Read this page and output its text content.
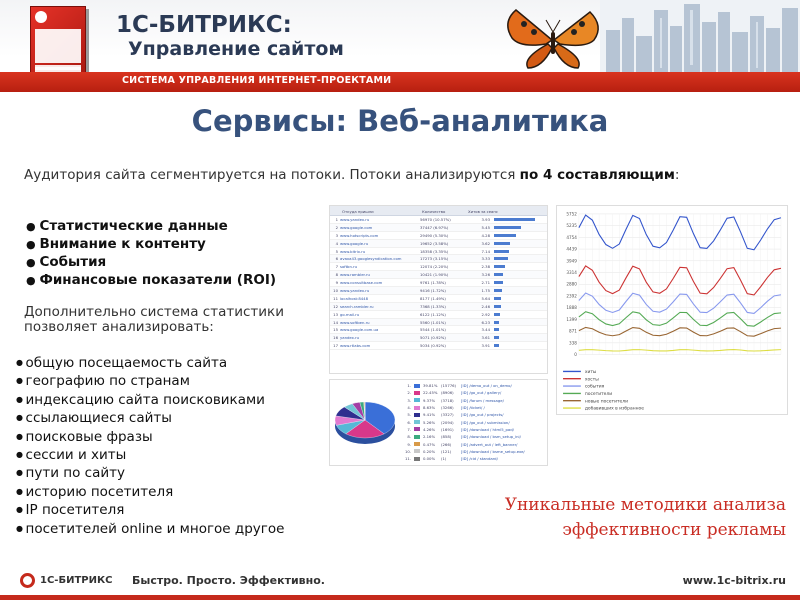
1С-БИТРИКС:
Управление сайтом
СИСТЕМА УПРАВЛЕНИЯ ИНТЕРНЕТ-ПРОЕКТАМИ
Сервисы: Веб-аналитика
Аудитория сайта сегментируется на потоки. Потоки анализируются по 4 составляющим:
● Статистические данные
● Внимание к контенту
● События
● Финансовые показатели (ROI)
Дополнительно система статистики позволяет анализировать:
● общую посещаемость сайта
● географию по странам
● индексацию сайта поисковиками
● ссылающиеся сайты
● поисковые фразы
● сессии и хиты
● пути по сайту
● историю посетителя
● IP посетителя
● посетителей online и многое другое
Откуда пришли	Количество	Хитов за сеанс
1 www.yandex.ru	56970 (10.57%)	3.93
2 www.google.com	37447 (6.97%)	5.45
3 www.hotscripts.com	29490 (5.30%)	4.28
4 www.google.ru	19652 (3.58%)	3.62
5 www.bitrix.ru	18358 (3.35%)	7.14
6 avaxa43.googlesyndication.com	17273 (3.15%)	3.33
7 softbn.ru	12074 (2.20%)	2.38
8 www.rambler.ru	10421 (1.90%)	3.26
9 www.consultbase.com	9761 (1.78%)	2.71
10 www.yandex.ru	9416 (1.72%)	1.75
11 localhost:8448	8177 (1.49%)	5.64
12 search.rambler.ru	7368 (1.33%)	2.46
13 go.mail.ru	6122 (1.12%)	2.92
14 www.softben.ru	5560 (1.01%)	6.23
15 www.google.com.ua	5544 (1.01%)	3.44
16 yandex.ru	5071 (0.92%)	3.61
17 www.rtlabs.com	5034 (0.92%)	3.91
5752
5235
4754
4439
3949
3314
2880
2392
1888
1399
871
338
0
хиты
хосты
события
посетители
новые посетители
добавивших в избранное
1.	39.81% (15776)	[ID] /demo_out / on_demo/
2.	22.45% (8906)	[ID] /go_out / gallery/
3.	9.37%	(3718)	[ID] /forum / message/
4.	8.63%	(3266)	[ID] /ticket/ /
5.	9.41%	(3327)	[ID] /go_out / projects/
6.	5.26%	(2094)	[ID] /go_out / submission/
7.	4.26%	(1691)	[ID] /download / html5_pad/
8.	2.16%	(858)	[ID] /download / bsm_setup_ini/
9.	0.47%	(266)	[ID] /advert_out / left_banner/
10.	0.20%	(121)	[ID] /download / bsme_setup.exe/
11.	0.00%	(1)	[ID] /cid / standard/
Уникальные методики анализа
эффективности рекламы
1С-БИТРИКС Быстро. Просто. Эффективно.	www.1c-bitrix.ru
